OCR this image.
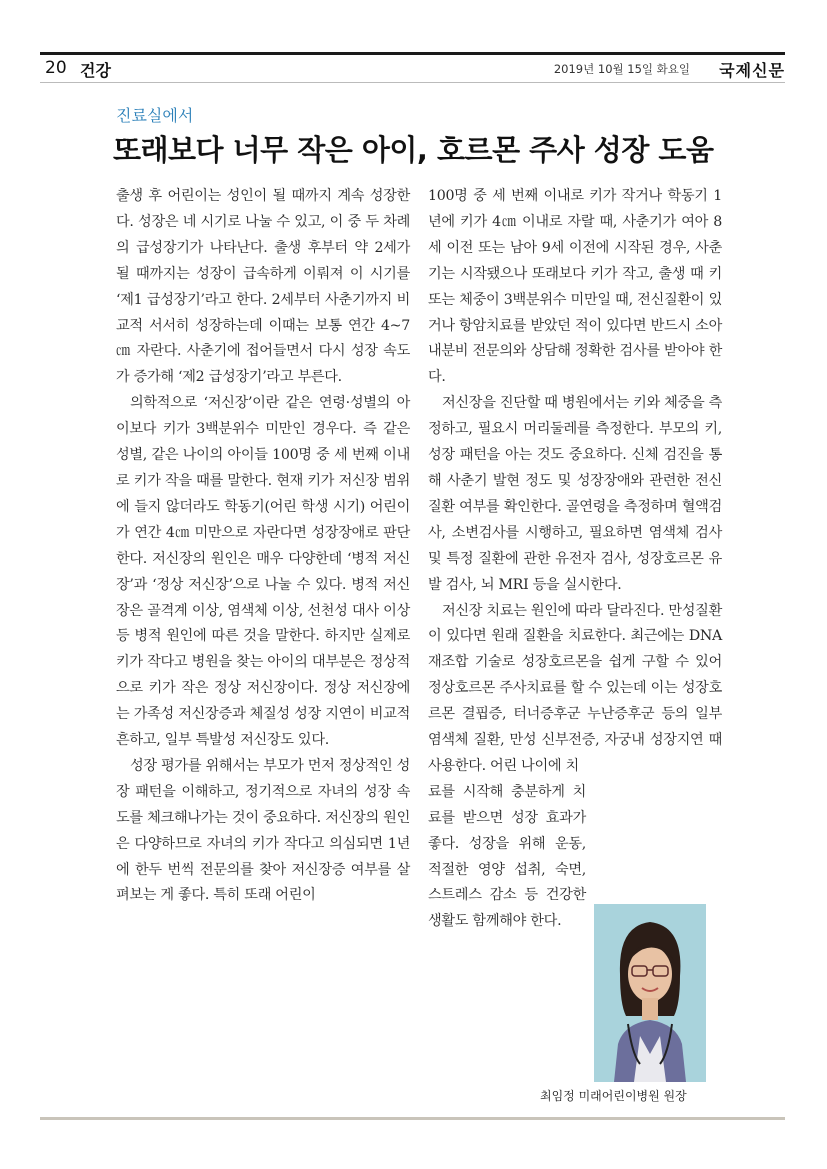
20 건강	2019년 10월 15일 화요일 국제신문
진료실에서
또래보다 너무 작은 아이, 호르몬 주사 성장 도움

출생 후 어린이는 성인이 될 때까지 계속 성장한다. 성장은 네 시기로 나눌 수 있고, 이 중 두 차례의 급성장기가 나타난다. 출생 후부터 약 2세가 될 때까지는 성장이 급속하게 이뤄져 이 시기를 ‘제1 급성장기’라고 한다. 2세부터 사춘기까지 비교적 서서히 성장하는데 이때는 보통 연간 4~7㎝ 자란다. 사춘기에 접어들면서 다시 성장 속도가 증가해 ‘제2 급성장기’라고 부른다.

의학적으로 ‘저신장’이란 같은 연령·성별의 아이보다 키가 3백분위수 미만인 경우다. 즉 같은 성별, 같은 나이의 아이들 100명 중 세 번째 이내로 키가 작을 때를 말한다. 현재 키가 저신장 범위에 들지 않더라도 학동기(어린 학생 시기) 어린이가 연간 4㎝ 미만으로 자란다면 성장장애로 판단한다. 저신장의 원인은 매우 다양한데 ‘병적 저신장’과 ‘정상 저신장’으로 나눌 수 있다. 병적 저신장은 골격계 이상, 염색체 이상, 선천성 대사 이상 등 병적 원인에 따른 것을 말한다. 하지만 실제로 키가 작다고 병원을 찾는 아이의 대부분은 정상적으로 키가 작은 정상 저신장이다. 정상 저신장에는 가족성 저신장증과 체질성 성장 지연이 비교적 흔하고, 일부 특발성 저신장도 있다.

성장 평가를 위해서는 부모가 먼저 정상적인 성장 패턴을 이해하고, 정기적으로 자녀의 성장 속도를 체크해나가는 것이 중요하다. 저신장의 원인은 다양하므로 자녀의 키가 작다고 의심되면 1년에 한두 번씩 전문의를 찾아 저신장증 여부를 살펴보는 게 좋다. 특히 또래 어린이

100명 중 세 번째 이내로 키가 작거나 학동기 1년에 키가 4㎝ 이내로 자랄 때, 사춘기가 여아 8세 이전 또는 남아 9세 이전에 시작된 경우, 사춘기는 시작됐으나 또래보다 키가 작고, 출생 때 키 또는 체중이 3백분위수 미만일 때, 전신질환이 있거나 항암치료를 받았던 적이 있다면 반드시 소아내분비 전문의와 상담해 정확한 검사를 받아야 한다.

저신장을 진단할 때 병원에서는 키와 체중을 측정하고, 필요시 머리둘레를 측정한다. 부모의 키, 성장 패턴을 아는 것도 중요하다. 신체 검진을 통해 사춘기 발현 정도 및 성장장애와 관련한 전신질환 여부를 확인한다. 골연령을 측정하며 혈액검사, 소변검사를 시행하고, 필요하면 염색체 검사 및 특정 질환에 관한 유전자 검사, 성장호르몬 유발 검사, 뇌 MRI 등을 실시한다.

저신장 치료는 원인에 따라 달라진다. 만성질환이 있다면 원래 질환을 치료한다. 최근에는 DNA 재조합 기술로 성장호르몬을 쉽게 구할 수 있어 정상호르몬 주사치료를 할 수 있는데 이는 성장호르몬 결핍증, 터너증후군 누난증후군 등의 일부 염색체 질환, 만성 신부전증, 자궁내 성장지연 때 사용한다. 어린 나이에 치

료를 시작해 충분하게 치료를 받으면 성장 효과가 좋다. 성장을 위해 운동, 적절한 영양 섭취, 숙면, 스트레스 감소 등 건강한 생활도 함께해야 한다.

최임정 미래어린이병원 원장
